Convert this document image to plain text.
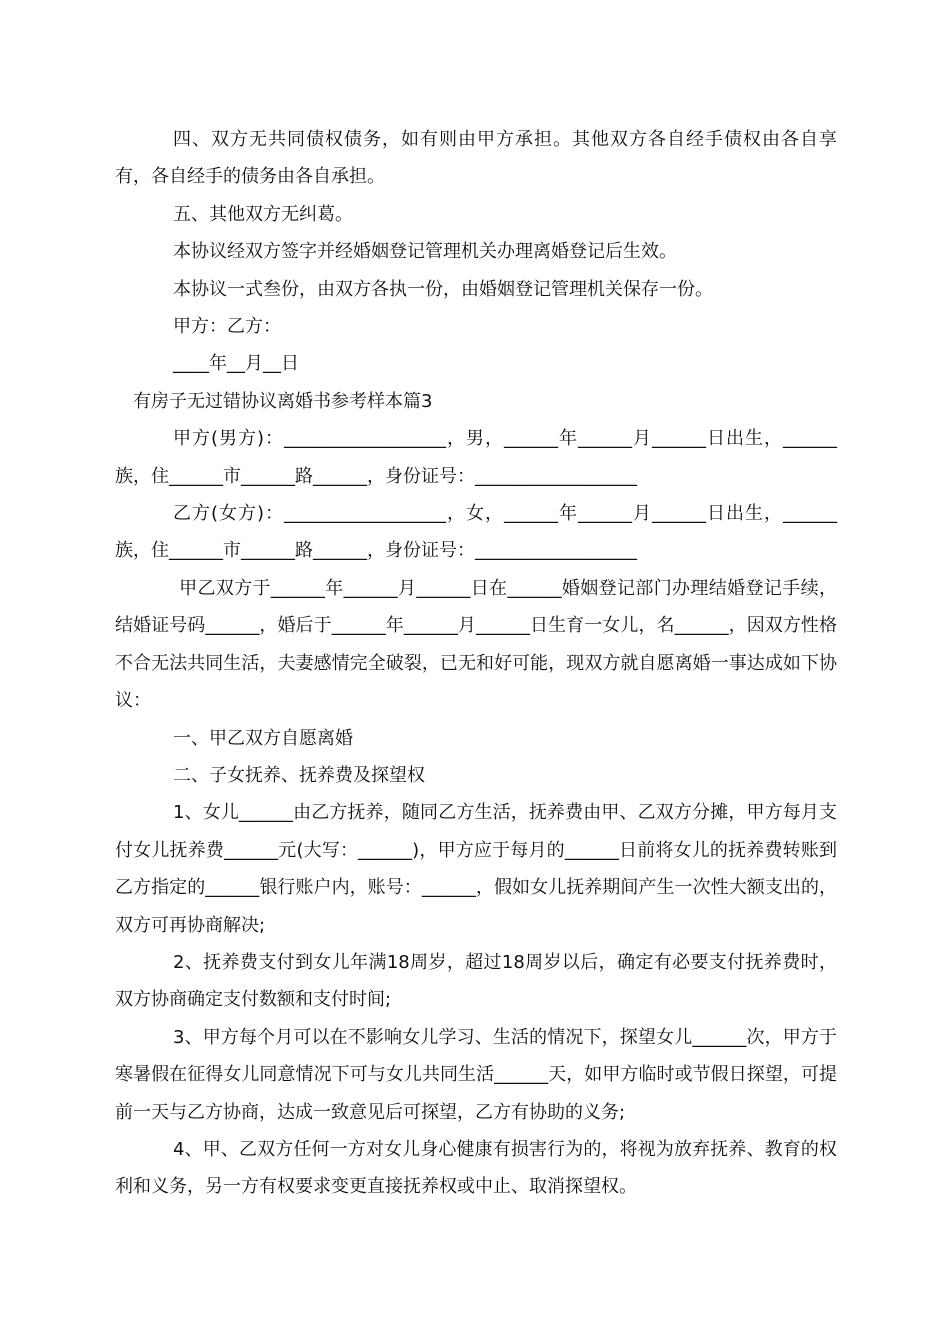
四、双方无共同债权债务，如有则由甲方承担。其他双方各自经手债权由各自享有，各自经手的债务由各自承担。

五、其他双方无纠葛。

本协议经双方签字并经婚姻登记管理机关办理离婚登记后生效。

本协议一式叁份，由双方各执一份，由婚姻登记管理机关保存一份。

甲方：乙方：

____年__月__日

有房子无过错协议离婚书参考样本篇3

甲方(男方)：__________________，男，______年______月______日出生，______族，住______市______路______，身份证号：__________________

乙方(女方)：__________________，女，______年______月______日出生，______族，住______市______路______，身份证号：__________________

甲乙双方于______年______月______日在______婚姻登记部门办理结婚登记手续，结婚证号码______，婚后于______年______月______日生育一女儿，名______，因双方性格不合无法共同生活，夫妻感情完全破裂，已无和好可能，现双方就自愿离婚一事达成如下协议：

一、甲乙双方自愿离婚

二、子女抚养、抚养费及探望权

1、女儿______由乙方抚养，随同乙方生活，抚养费由甲、乙双方分摊，甲方每月支付女儿抚养费______元(大写：______)，甲方应于每月的______日前将女儿的抚养费转账到乙方指定的______银行账户内，账号：______，假如女儿抚养期间产生一次性大额支出的，双方可再协商解决;

2、抚养费支付到女儿年满18周岁，超过18周岁以后，确定有必要支付抚养费时，双方协商确定支付数额和支付时间;

3、甲方每个月可以在不影响女儿学习、生活的情况下，探望女儿______次，甲方于寒暑假在征得女儿同意情况下可与女儿共同生活______天，如甲方临时或节假日探望，可提前一天与乙方协商，达成一致意见后可探望，乙方有协助的义务;

4、甲、乙双方任何一方对女儿身心健康有损害行为的，将视为放弃抚养、教育的权利和义务，另一方有权要求变更直接抚养权或中止、取消探望权。
